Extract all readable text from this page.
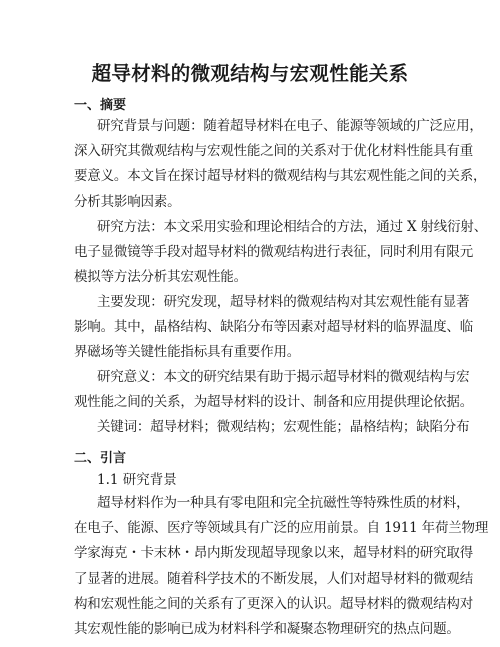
超导材料的微观结构与宏观性能关系
一、摘要
研究背景与问题：随着超导材料在电子、能源等领域的广泛应用，
深入研究其微观结构与宏观性能之间的关系对于优化材料性能具有重
要意义。本文旨在探讨超导材料的微观结构与其宏观性能之间的关系，
分析其影响因素。
研究方法：本文采用实验和理论相结合的方法，通过 X 射线衍射、
电子显微镜等手段对超导材料的微观结构进行表征，同时利用有限元
模拟等方法分析其宏观性能。
主要发现：研究发现，超导材料的微观结构对其宏观性能有显著
影响。其中，晶格结构、缺陷分布等因素对超导材料的临界温度、临
界磁场等关键性能指标具有重要作用。
研究意义：本文的研究结果有助于揭示超导材料的微观结构与宏
观性能之间的关系，为超导材料的设计、制备和应用提供理论依据。
关键词：超导材料；微观结构；宏观性能；晶格结构；缺陷分布
二、引言
1.1 研究背景
超导材料作为一种具有零电阻和完全抗磁性等特殊性质的材料，
在电子、能源、医疗等领域具有广泛的应用前景。自 1911 年荷兰物理
学家海克・卡末林・昂内斯发现超导现象以来，超导材料的研究取得
了显著的进展。随着科学技术的不断发展，人们对超导材料的微观结
构和宏观性能之间的关系有了更深入的认识。超导材料的微观结构对
其宏观性能的影响已成为材料科学和凝聚态物理研究的热点问题。
